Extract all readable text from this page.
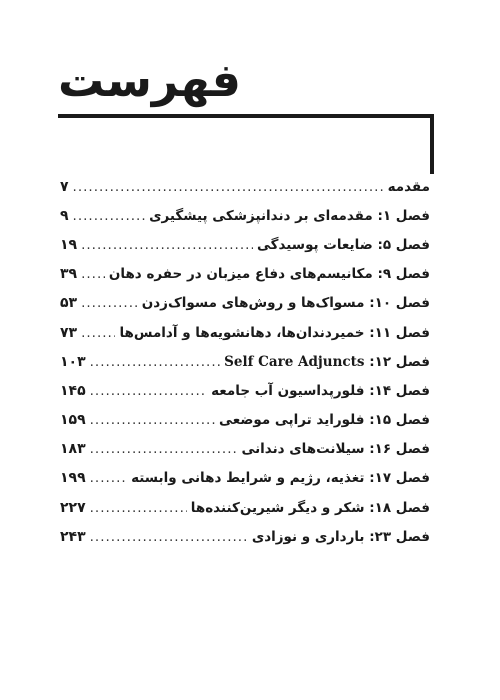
فهرست
مقدمه
.....
۷
فصل ۱: مقدمه‌ای بر دندانپزشکی پیشگیری
.....
۹
فصل ۵: ضایعات پوسیدگی
.....
۱۹
فصل ۹: مکانیسم‌های دفاع میزبان در حفره دهان
.....
۳۹
فصل ۱۰: مسواک‌ها و روش‌های مسواک‌زدن
.....
۵۳
فصل ۱۱: خمیردندان‌ها، دهانشویه‌ها و آدامس‌ها
.....
۷۳
فصل ۱۲: Self Care Adjuncts
.....
۱۰۳
فصل ۱۴: فلورپداسیون آب جامعه
.....
۱۴۵
فصل ۱۵: فلوراید تراپی موضعی
.....
۱۵۹
فصل ۱۶: سیلانت‌های دندانی
.....
۱۸۳
فصل ۱۷: تغذیه، رژیم و شرایط دهانی وابسته
.....
۱۹۹
فصل ۱۸: شکر و دیگر شیرین‌کننده‌ها
.....
۲۲۷
فصل ۲۳: بارداری و نوزادی
.....
۲۴۳
